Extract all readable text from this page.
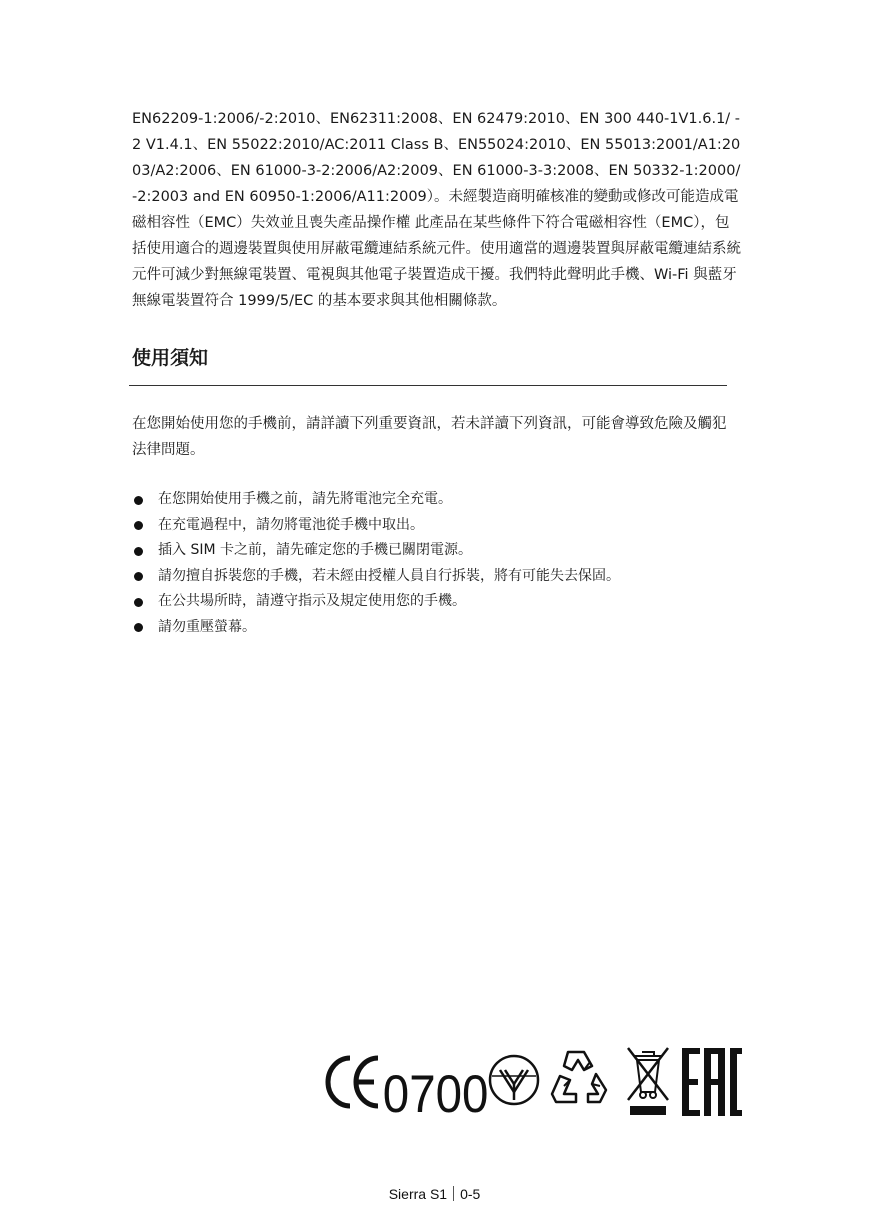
EN62209-1:2006/-2:2010、EN62311:2008、EN 62479:2010、EN 300 440-1V1.6.1/ -2 V1.4.1、EN 55022:2010/AC:2011 Class B、EN55024:2010、EN 55013:2001/A1:2003/A2:2006、EN 61000-3-2:2006/A2:2009、EN 61000-3-3:2008、EN 50332-1:2000/-2:2003 and EN 60950-1:2006/A11:2009）。未經製造商明確核准的變動或修改可能造成電磁相容性（EMC）失效並且喪失產品操作權 此產品在某些條件下符合電磁相容性（EMC），包括使用適合的週邊裝置與使用屏蔽電纜連結系統元件。使用適當的週邊裝置與屏蔽電纜連結系統元件可減少對無線電裝置、電視與其他電子裝置造成干擾。我們特此聲明此手機、Wi-Fi 與藍牙無線電裝置符合 1999/5/EC 的基本要求與其他相關條款。

使用須知

在您開始使用您的手機前，請詳讀下列重要資訊，若未詳讀下列資訊，可能會導致危險及觸犯法律問題。

在您開始使用手機之前，請先將電池完全充電。
在充電過程中，請勿將電池從手機中取出。
插入 SIM 卡之前，請先確定您的手機已關閉電源。
請勿擅自拆裝您的手機，若未經由授權人員自行拆裝，將有可能失去保固。
在公共場所時，請遵守指示及規定使用您的手機。
請勿重壓螢幕。
0700
Sierra S1 0-5
